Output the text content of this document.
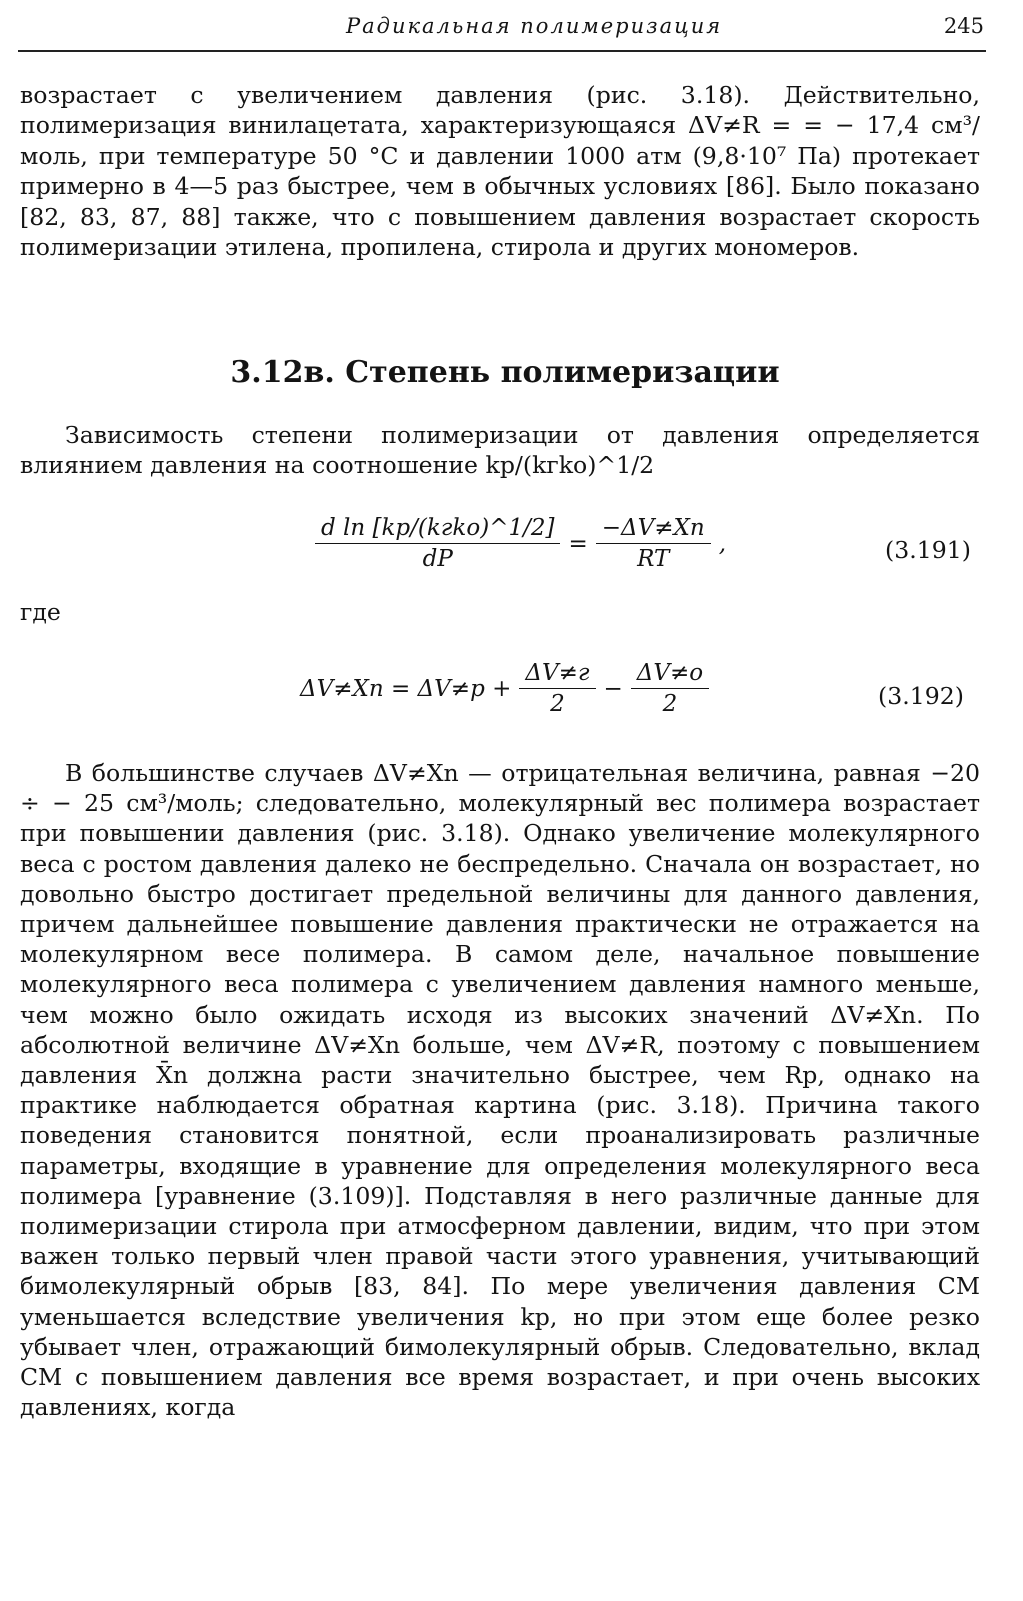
Радикальная полимеризация	245

возрастает с увеличением давления (рис. 3.18). Действительно, полимеризация винилацетата, характеризующаяся ΔV≠R = = − 17,4 см³/моль, при температуре 50 °C и давлении 1000 атм (9,8·10⁷ Па) протекает примерно в 4—5 раз быстрее, чем в обычных условиях [86]. Было показано [82, 83, 87, 88] также, что с повышением давления возрастает скорость полимеризации этилена, пропилена, стирола и других мономеров.

3.12в. Степень полимеризации

Зависимость степени полимеризации от давления определяется влиянием давления на соотношение kр/(kгkо)^1/2

$\frac{\text{d ln [kр/(kгkо)\textasciicircum{}1/2]}}{dP} = \frac{-\Delta V\ne Xn}{RT}$ ,	(3.191)
где
$\Delta V\ne Xn = \Delta V\ne р + \frac{\Delta V\ne г}{2} - \frac{\Delta V\ne о}{2}$	(3.192)

В большинстве случаев ΔV≠Xn — отрицательная величина, равная −20 ÷ − 25 см³/моль; следовательно, молекулярный вес полимера возрастает при повышении давления (рис. 3.18). Однако увеличение молекулярного веса с ростом давления далеко не беспредельно. Сначала он возрастает, но довольно быстро достигает предельной величины для данного давления, причем дальнейшее повышение давления практически не отражается на молекулярном весе полимера. В самом деле, начальное повышение молекулярного веса полимера с увеличением давления намного меньше, чем можно было ожидать исходя из высоких значений ΔV≠Xn. По абсолютной величине ΔV≠Xn больше, чем ΔV≠R, поэтому с повышением давления X̄n должна расти значительно быстрее, чем Rр, однако на практике наблюдается обратная картина (рис. 3.18). Причина такого поведения становится понятной, если проанализировать различные параметры, входящие в уравнение для определения молекулярного веса полимера [уравнение (3.109)]. Подставляя в него различные данные для полимеризации стирола при атмосферном давлении, видим, что при этом важен только первый член правой части этого уравнения, учитывающий бимолекулярный обрыв [83, 84]. По мере увеличения давления CМ уменьшается вследствие увеличения kр, но при этом еще более резко убывает член, отражающий бимолекулярный обрыв. Следовательно, вклад CМ с повышением давления все время возрастает, и при очень высоких давлениях, когда
